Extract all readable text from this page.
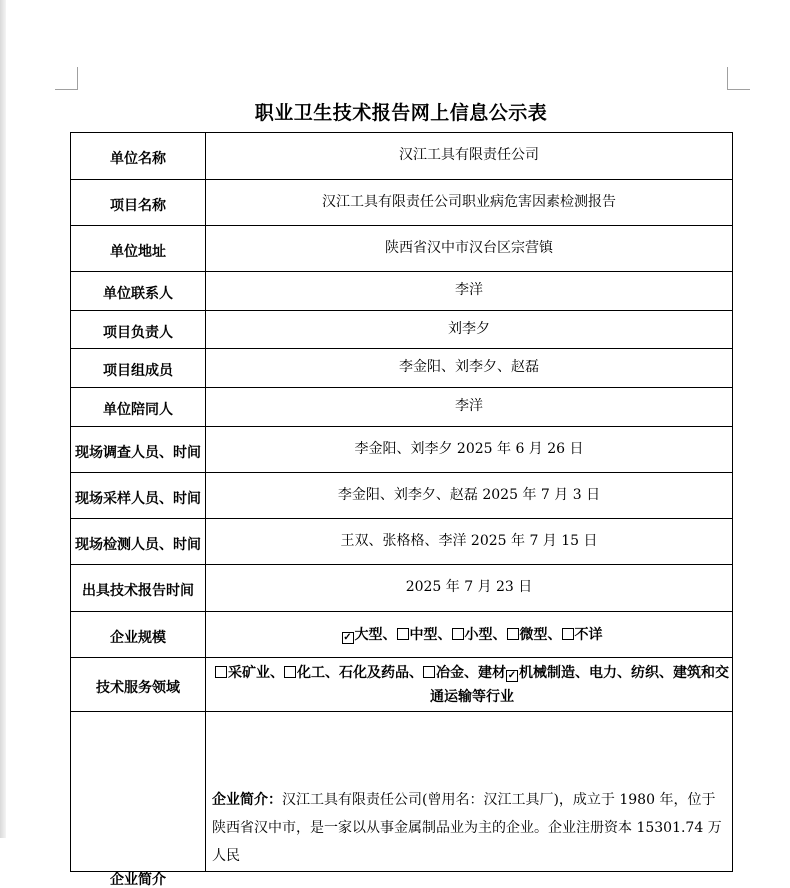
职业卫生技术报告网上信息公示表
单位名称	汉江工具有限责任公司
项目名称	汉江工具有限责任公司职业病危害因素检测报告
单位地址	陕西省汉中市汉台区宗营镇
单位联系人	李洋
项目负责人	刘李夕
项目组成员	李金阳、刘李夕、赵磊
单位陪同人	李洋
现场调查人员、时间	李金阳、刘李夕 2025 年 6 月 26 日
现场采样人员、时间	李金阳、刘李夕、赵磊 2025 年 7 月 3 日
现场检测人员、时间	王双、张格格、李洋 2025 年 7 月 15 日
出具技术报告时间	2025 年 7 月 23 日
企业规模	✓ 大型、 中型、 小型、 微型、 不详
技术服务领域	采矿业、 化工、石化及药品、 冶金、建材 ✓ 机械制造、电力、纺织、建筑和交通运输等行业
企业简介	企业简介：汉江工具有限责任公司(曾用名：汉江工具厂)，成立于 1980 年，位于陕西省汉中市，是一家以从事金属制品业为主的企业。企业注册资本 15301.74 万人民
